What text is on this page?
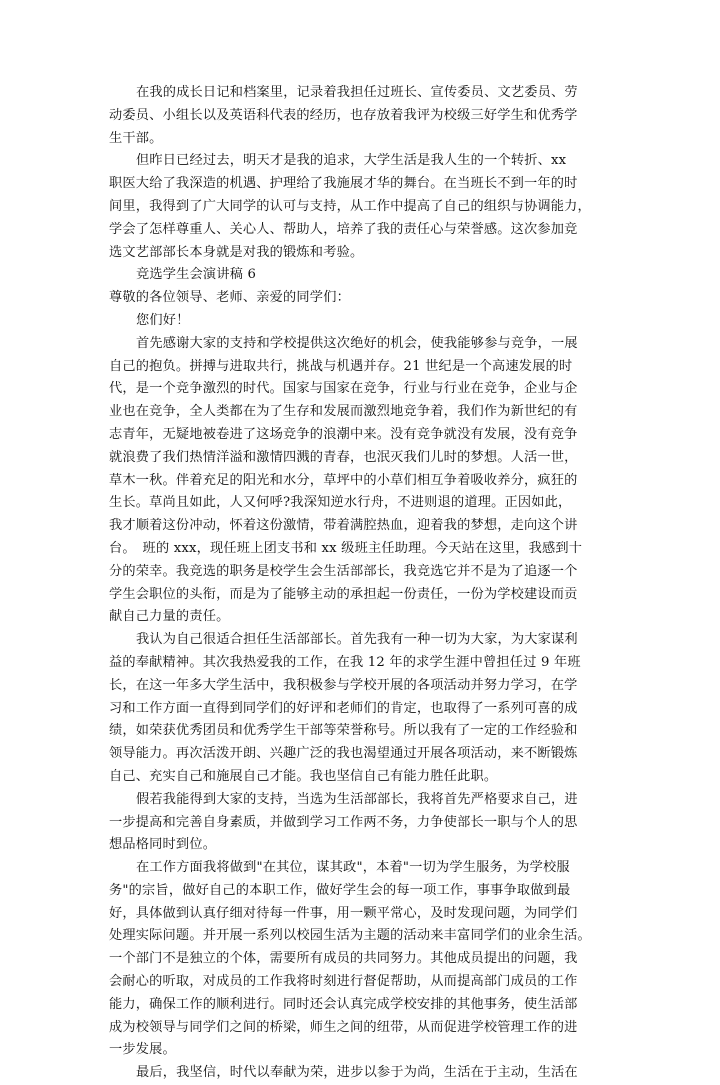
在我的成长日记和档案里，记录着我担任过班长、宣传委员、文艺委员、劳
动委员、小组长以及英语科代表的经历，也存放着我评为校级三好学生和优秀学
生干部。
但昨日已经过去，明天才是我的追求，大学生活是我人生的一个转折、xx
职医大给了我深造的机遇、护理给了我施展才华的舞台。在当班长不到一年的时
间里，我得到了广大同学的认可与支持，从工作中提高了自己的组织与协调能力，
学会了怎样尊重人、关心人、帮助人，培养了我的责任心与荣誉感。这次参加竞
选文艺部部长本身就是对我的锻炼和考验。
竞选学生会演讲稿 6
尊敬的各位领导、老师、亲爱的同学们：
您们好！
首先感谢大家的支持和学校提供这次绝好的机会，使我能够参与竞争，一展
自己的抱负。拼搏与进取共行，挑战与机遇并存。21 世纪是一个高速发展的时
代，是一个竞争激烈的时代。国家与国家在竞争，行业与行业在竞争，企业与企
业也在竞争，全人类都在为了生存和发展而激烈地竞争着，我们作为新世纪的有
志青年，无疑地被卷进了这场竞争的浪潮中来。没有竞争就没有发展，没有竞争
就浪费了我们热情洋溢和激情四溅的青春，也泯灭我们儿时的梦想。人活一世，
草木一秋。伴着充足的阳光和水分，草坪中的小草们相互争着吸收养分，疯狂的
生长。草尚且如此，人又何呼?我深知逆水行舟，不进则退的道理。正因如此，
我才顺着这份冲动，怀着这份激情，带着满腔热血，迎着我的梦想，走向这个讲
台。　班的 xxx，现任班上团支书和 xx 级班主任助理。今天站在这里，我感到十
分的荣幸。我竞选的职务是校学生会生活部部长，我竞选它并不是为了追逐一个
学生会职位的头衔，而是为了能够主动的承担起一份责任，一份为学校建设而贡
献自己力量的责任。
我认为自己很适合担任生活部部长。首先我有一种一切为大家，为大家谋利
益的奉献精神。其次我热爱我的工作，在我 12 年的求学生涯中曾担任过 9 年班
长，在这一年多大学生活中，我积极参与学校开展的各项活动并努力学习，在学
习和工作方面一直得到同学们的好评和老师们的肯定，也取得了一系列可喜的成
绩，如荣获优秀团员和优秀学生干部等荣誉称号。所以我有了一定的工作经验和
领导能力。再次活泼开朗、兴趣广泛的我也渴望通过开展各项活动，来不断锻炼
自己、充实自己和施展自己才能。我也坚信自己有能力胜任此职。
假若我能得到大家的支持，当选为生活部部长，我将首先严格要求自己，进
一步提高和完善自身素质，并做到学习工作两不务，力争使部长一职与个人的思
想品格同时到位。
在工作方面我将做到"在其位，谋其政"，本着"一切为学生服务，为学校服
务"的宗旨，做好自己的本职工作，做好学生会的每一项工作，事事争取做到最
好，具体做到认真仔细对待每一件事，用一颗平常心，及时发现问题，为同学们
处理实际问题。并开展一系列以校园生活为主题的活动来丰富同学们的业余生活。
一个部门不是独立的个体，需要所有成员的共同努力。其他成员提出的问题，我
会耐心的听取，对成员的工作我将时刻进行督促帮助，从而提高部门成员的工作
能力，确保工作的顺利进行。同时还会认真完成学校安排的其他事务，使生活部
成为校领导与同学们之间的桥梁，师生之间的纽带，从而促进学校管理工作的进
一步发展。
最后，我坚信，时代以奉献为荣，进步以参于为尚，生活在于主动，生活在
